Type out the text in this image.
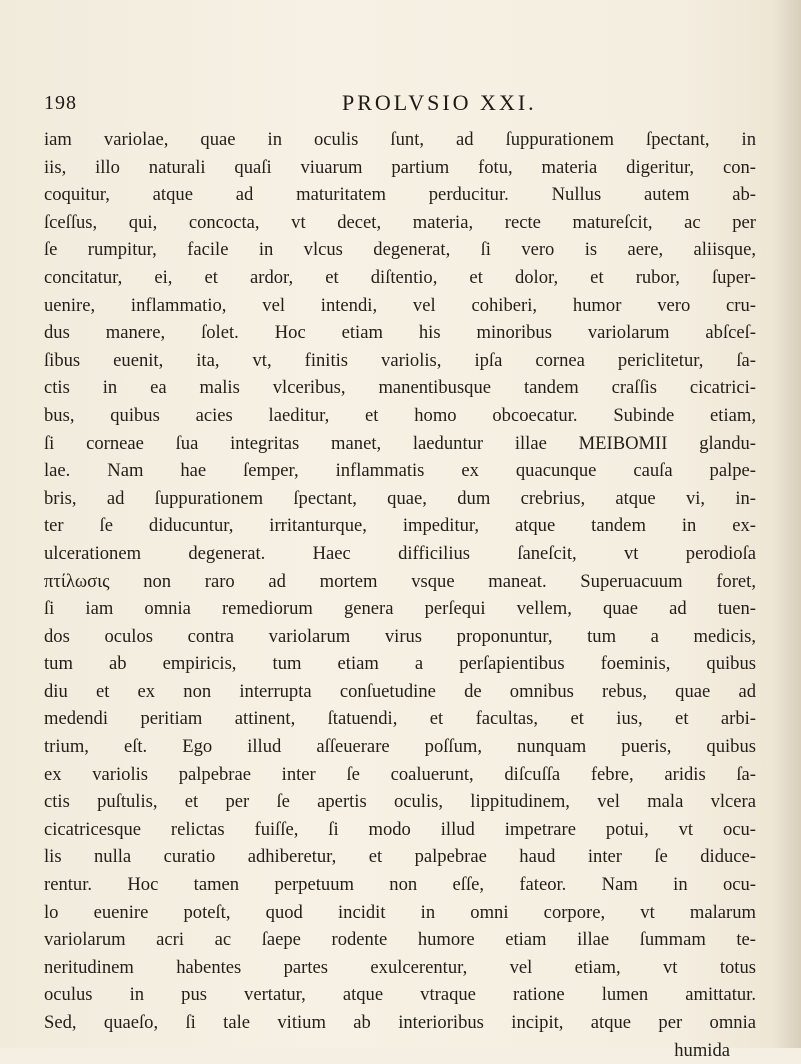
198	PROLVSIO XXI.
iam variolae, quae in oculis ſunt, ad ſuppurationem ſpectant, in
iis, illo naturali quaſi viuarum partium fotu, materia digeritur, con-
coquitur, atque ad maturitatem perducitur. Nullus autem ab-
ſceſſus, qui, concocta, vt decet, materia, recte matureſcit, ac per
ſe rumpitur, facile in vlcus degenerat, ſi vero is aere, aliisque,
concitatur, ei, et ardor, et diſtentio, et dolor, et rubor, ſuper-
uenire, inflammatio, vel intendi, vel cohiberi, humor vero cru-
dus manere, ſolet. Hoc etiam his minoribus variolarum abſceſ-
ſibus euenit, ita, vt, finitis variolis, ipſa cornea periclitetur, ſa-
ctis in ea malis vlceribus, manentibusque tandem craſſis cicatrici-
bus, quibus acies laeditur, et homo obcoecatur. Subinde etiam,
ſi corneae ſua integritas manet, laeduntur illae MEIBOMII glandu-
lae. Nam hae ſemper, inflammatis ex quacunque cauſa palpe-
bris, ad ſuppurationem ſpectant, quae, dum crebrius, atque vi, in-
ter ſe diducuntur, irritanturque, impeditur, atque tandem in ex-
ulcerationem degenerat. Haec difficilius ſaneſcit, vt perodioſa
πτίλωσις non raro ad mortem vsque maneat. Superuacuum foret,
ſi iam omnia remediorum genera perſequi vellem, quae ad tuen-
dos oculos contra variolarum virus proponuntur, tum a medicis,
tum ab empiricis, tum etiam a perſapientibus foeminis, quibus
diu et ex non interrupta conſuetudine de omnibus rebus, quae ad
medendi peritiam attinent, ſtatuendi, et facultas, et ius, et arbi-
trium, eſt. Ego illud aſſeuerare poſſum, nunquam pueris, quibus
ex variolis palpebrae inter ſe coaluerunt, diſcuſſa febre, aridis ſa-
ctis puſtulis, et per ſe apertis oculis, lippitudinem, vel mala vlcera
cicatricesque relictas fuiſſe, ſi modo illud impetrare potui, vt ocu-
lis nulla curatio adhiberetur, et palpebrae haud inter ſe diduce-
rentur. Hoc tamen perpetuum non eſſe, fateor. Nam in ocu-
lo euenire poteſt, quod incidit in omni corpore, vt malarum
variolarum acri ac ſaepe rodente humore etiam illae ſummam te-
neritudinem habentes partes exulcerentur, vel etiam, vt totus
oculus in pus vertatur, atque vtraque ratione lumen amittatur.
Sed, quaeſo, ſi tale vitium ab interioribus incipit, atque per omnia
humida
